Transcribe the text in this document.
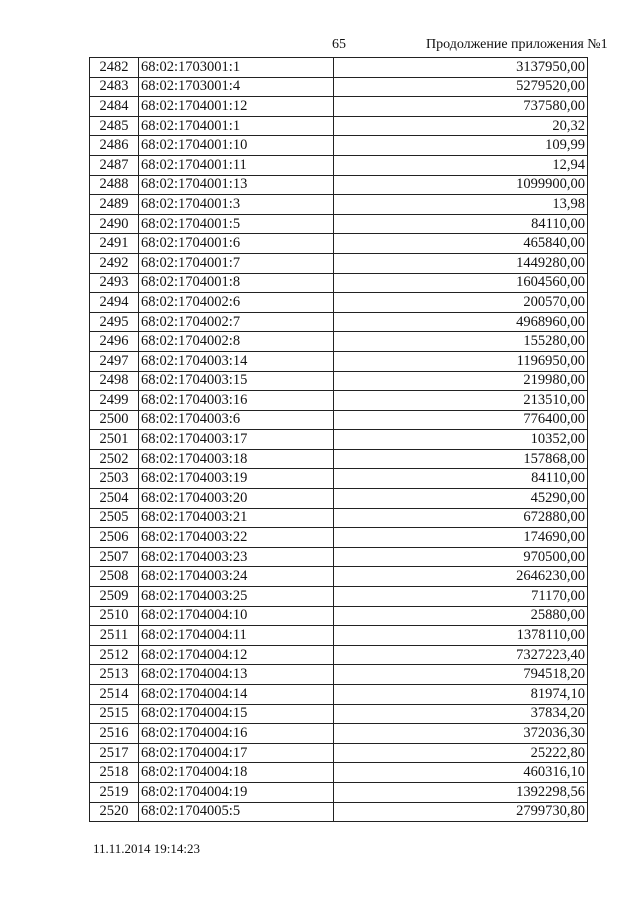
65	Продолжение приложения №1
2482	68:02:1703001:1	3137950,00
2483	68:02:1703001:4	5279520,00
2484	68:02:1704001:12	737580,00
2485	68:02:1704001:1	20,32
2486	68:02:1704001:10	109,99
2487	68:02:1704001:11	12,94
2488	68:02:1704001:13	1099900,00
2489	68:02:1704001:3	13,98
2490	68:02:1704001:5	84110,00
2491	68:02:1704001:6	465840,00
2492	68:02:1704001:7	1449280,00
2493	68:02:1704001:8	1604560,00
2494	68:02:1704002:6	200570,00
2495	68:02:1704002:7	4968960,00
2496	68:02:1704002:8	155280,00
2497	68:02:1704003:14	1196950,00
2498	68:02:1704003:15	219980,00
2499	68:02:1704003:16	213510,00
2500	68:02:1704003:6	776400,00
2501	68:02:1704003:17	10352,00
2502	68:02:1704003:18	157868,00
2503	68:02:1704003:19	84110,00
2504	68:02:1704003:20	45290,00
2505	68:02:1704003:21	672880,00
2506	68:02:1704003:22	174690,00
2507	68:02:1704003:23	970500,00
2508	68:02:1704003:24	2646230,00
2509	68:02:1704003:25	71170,00
2510	68:02:1704004:10	25880,00
2511	68:02:1704004:11	1378110,00
2512	68:02:1704004:12	7327223,40
2513	68:02:1704004:13	794518,20
2514	68:02:1704004:14	81974,10
2515	68:02:1704004:15	37834,20
2516	68:02:1704004:16	372036,30
2517	68:02:1704004:17	25222,80
2518	68:02:1704004:18	460316,10
2519	68:02:1704004:19	1392298,56
2520	68:02:1704005:5	2799730,80
11.11.2014 19:14:23
